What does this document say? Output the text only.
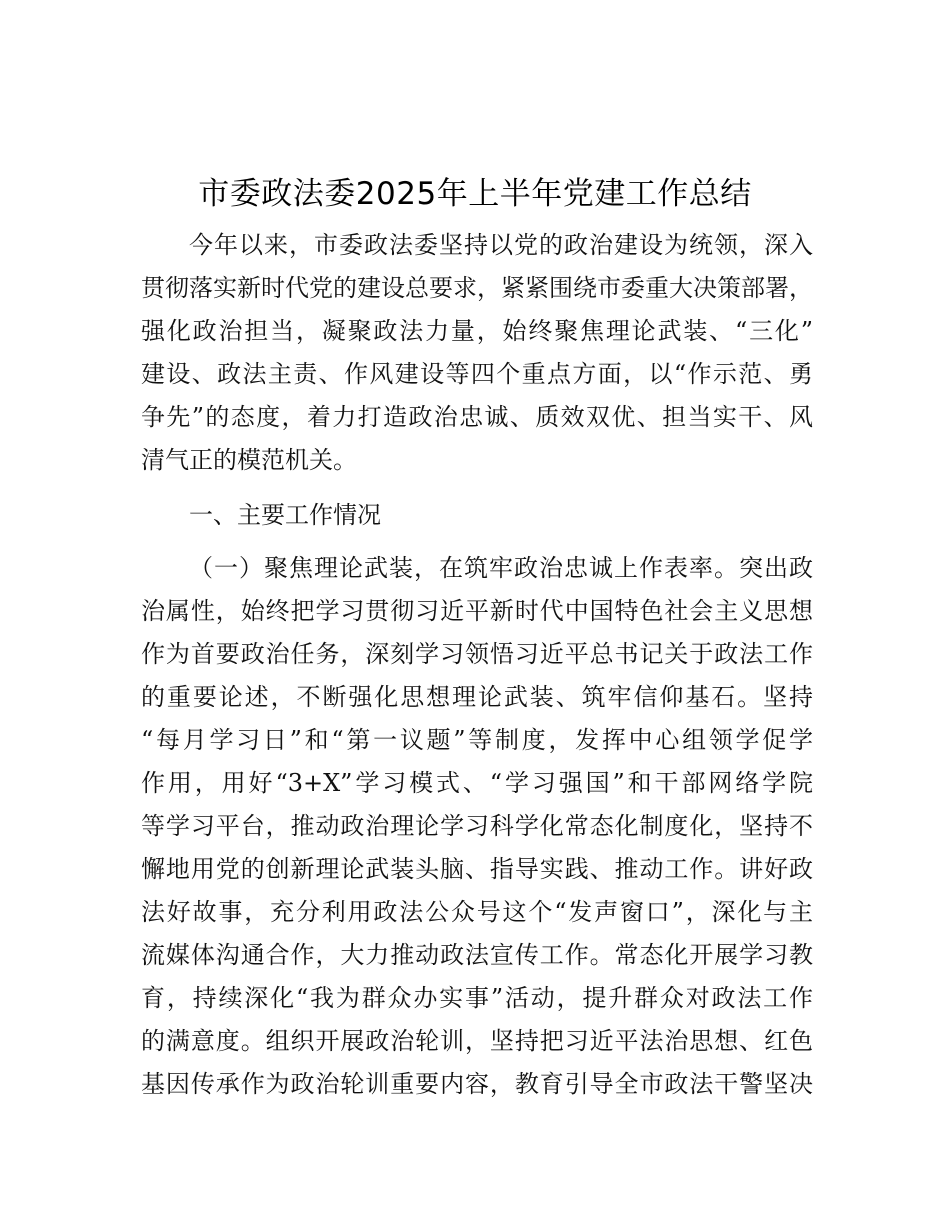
市委政法委2025年上半年党建工作总结
今年以来，市委政法委坚持以党的政治建设为统领，深入
贯彻落实新时代党的建设总要求，紧紧围绕市委重大决策部署，
强化政治担当，凝聚政法力量，始终聚焦理论武装、“三化”
建设、政法主责、作风建设等四个重点方面，以“作示范、勇
争先”的态度，着力打造政治忠诚、质效双优、担当实干、风
清气正的模范机关。
一、主要工作情况
（一）聚焦理论武装，在筑牢政治忠诚上作表率。突出政
治属性，始终把学习贯彻习近平新时代中国特色社会主义思想
作为首要政治任务，深刻学习领悟习近平总书记关于政法工作
的重要论述，不断强化思想理论武装、筑牢信仰基石。坚持
“每月学习日”和“第一议题”等制度，发挥中心组领学促学
作用，用好“3+X”学习模式、“学习强国”和干部网络学院
等学习平台，推动政治理论学习科学化常态化制度化，坚持不
懈地用党的创新理论武装头脑、指导实践、推动工作。讲好政
法好故事，充分利用政法公众号这个“发声窗口”，深化与主
流媒体沟通合作，大力推动政法宣传工作。常态化开展学习教
育，持续深化“我为群众办实事”活动，提升群众对政法工作
的满意度。组织开展政治轮训，坚持把习近平法治思想、红色
基因传承作为政治轮训重要内容，教育引导全市政法干警坚决
